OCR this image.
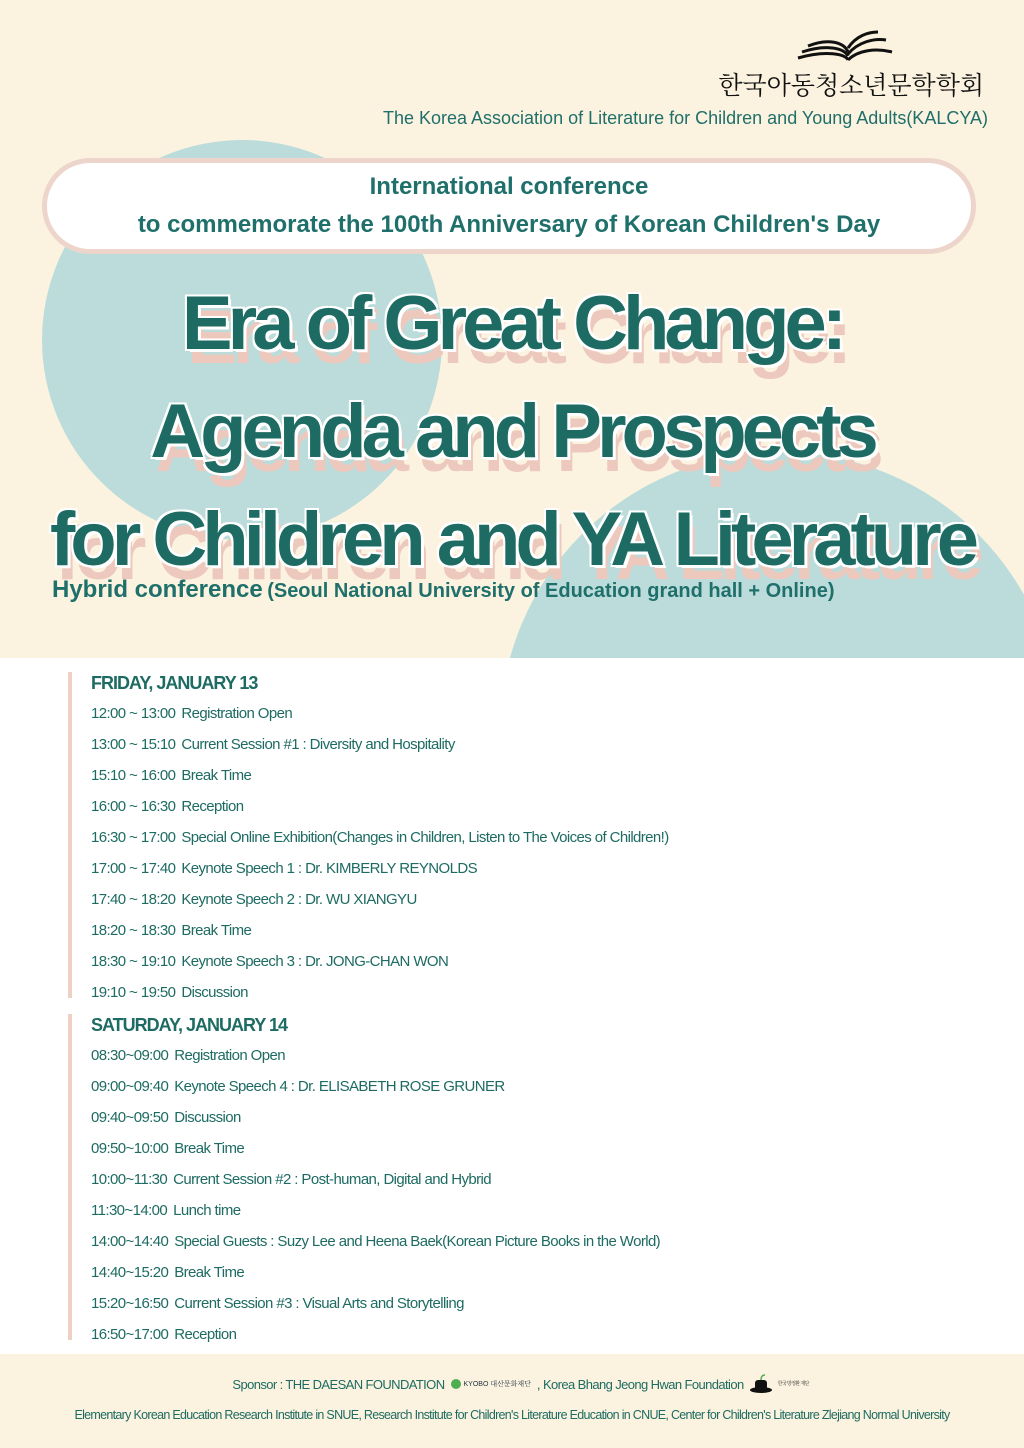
한국아동청소년문학학회
The Korea Association of Literature for Children and Young Adults(KALCYA)
International conference
to commemorate the 100th Anniversary of Korean Children's Day
Era of Great Change:
Agenda and Prospects
for Children and YA Literature
Hybrid conference (Seoul National University of Education grand hall + Online)
FRIDAY, JANUARY 13
12:00 ~ 13:00 Registration Open
13:00 ~ 15:10 Current Session #1 : Diversity and Hospitality
15:10 ~ 16:00 Break Time
16:00 ~ 16:30 Reception
16:30 ~ 17:00 Special Online Exhibition(Changes in Children, Listen to The Voices of Children!)
17:00 ~ 17:40 Keynote Speech 1 : Dr. KIMBERLY REYNOLDS
17:40 ~ 18:20 Keynote Speech 2 : Dr. WU XIANGYU
18:20 ~ 18:30 Break Time
18:30 ~ 19:10 Keynote Speech 3 : Dr. JONG-CHAN WON
19:10 ~ 19:50 Discussion
SATURDAY, JANUARY 14
08:30~09:00 Registration Open
09:00~09:40 Keynote Speech 4 : Dr. ELISABETH ROSE GRUNER
09:40~09:50 Discussion
09:50~10:00 Break Time
10:00~11:30 Current Session #2 : Post-human, Digital and Hybrid
11:30~14:00 Lunch time
14:00~14:40 Special Guests : Suzy Lee and Heena Baek(Korean Picture Books in the World)
14:40~15:20 Break Time
15:20~16:50 Current Session #3 : Visual Arts and Storytelling
16:50~17:00 Reception
Sponsor : THE DAESAN FOUNDATION	KYOBO 대산문화재단 , Korea Bhang Jeong Hwan Foundation	한국 방정환 재단
Elementary Korean Education Research Institute in SNUE, Research Institute for Children's Literature Education in CNUE, Center for Children's Literature Zlejiang Normal University
